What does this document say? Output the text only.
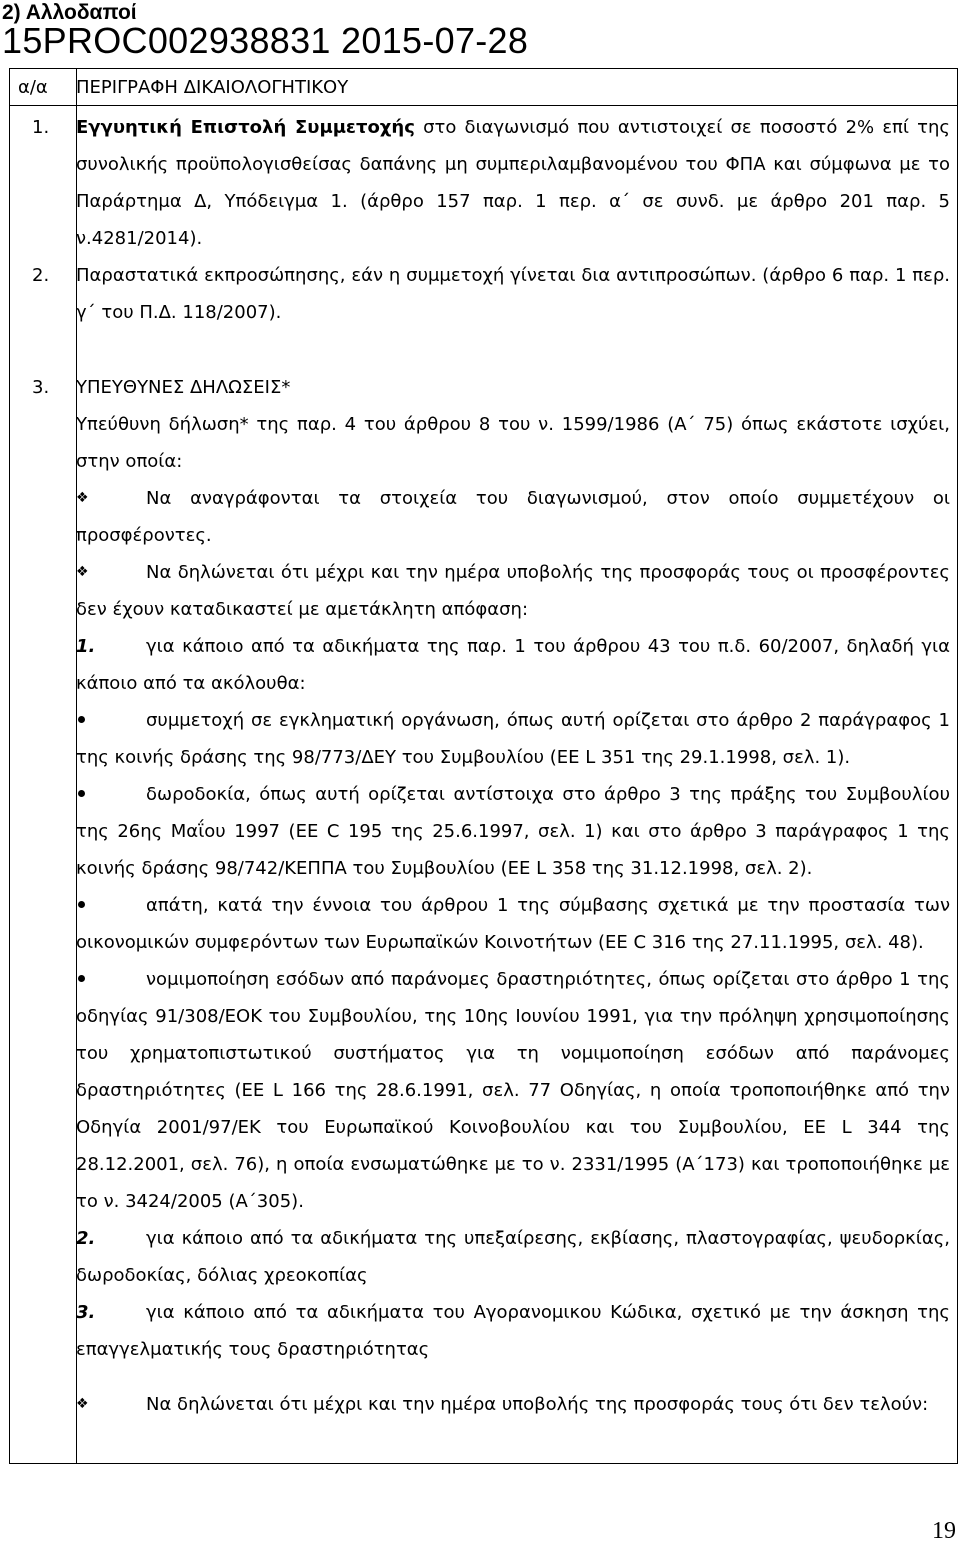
2) Αλλοδαποί
15PROC002938831 2015-07-28
α/α ΠΕΡΙΓΡΑΦΗ ΔΙΚΑΙΟΛΟΓΗΤΙΚΟΥ
1. Εγγυητική Επιστολή Συμμετοχής στο διαγωνισμό που αντιστοιχεί σε ποσοστό 2% επί της συνολικής προϋπολογισθείσας δαπάνης μη συμπεριλαμβανομένου του ΦΠΑ και σύμφωνα με το Παράρτημα Δ, Υπόδειγμα 1. (άρθρο 157 παρ. 1 περ. α΄ σε συνδ. με άρθρο 201 παρ. 5 ν.4281/2014).

2. Παραστατικά εκπροσώπησης, εάν η συμμετοχή γίνεται δια αντιπροσώπων. (άρθρο 6 παρ. 1 περ. γ΄ του Π.Δ. 118/2007).

3. ΥΠΕΥΘΥΝΕΣ ΔΗΛΩΣΕΙΣ*

Υπεύθυνη δήλωση* της παρ. 4 του άρθρου 8 του ν. 1599/1986 (Α΄ 75) όπως εκάστοτε ισχύει, στην οποία:

❖	Να αναγράφονται τα στοιχεία του διαγωνισμού, στον οποίο συμμετέχουν οι

προσφέροντες.

❖	Να δηλώνεται ότι μέχρι και την ημέρα υποβολής της προσφοράς τους οι προσφέροντες δεν έχουν καταδικαστεί με αμετάκλητη απόφαση:

1.	για κάποιο από τα αδικήματα της παρ. 1 του άρθρου 43 του π.δ. 60/2007, δηλαδή για κάποιο από τα ακόλουθα:

συμμετοχή σε εγκληματική οργάνωση, όπως αυτή ορίζεται στο άρθρο 2 παράγραφος 1 της κοινής δράσης της 98/773/ΔΕΥ του Συμβουλίου (ΕΕ L 351 της 29.1.1998, σελ. 1).

δωροδοκία, όπως αυτή ορίζεται αντίστοιχα στο άρθρο 3 της πράξης του Συμβουλίου της 26ης Μαΐου 1997 (ΕΕ C 195 της 25.6.1997, σελ. 1) και στο άρθρο 3 παράγραφος 1 της κοινής δράσης 98/742/ΚΕΠΠΑ του Συμβουλίου (ΕΕ L 358 της 31.12.1998, σελ. 2).

απάτη, κατά την έννοια του άρθρου 1 της σύμβασης σχετικά με την προστασία των οικονομικών συμφερόντων των Ευρωπαϊκών Κοινοτήτων (ΕΕ C 316 της 27.11.1995, σελ. 48).

νομιμοποίηση εσόδων από παράνομες δραστηριότητες, όπως ορίζεται στο άρθρο 1 της οδηγίας 91/308/ΕΟΚ του Συμβουλίου, της 10ης Ιουνίου 1991, για την πρόληψη χρησιμοποίησης του χρηματοπιστωτικού συστήματος για τη νομιμοποίηση εσόδων από παράνομες δραστηριότητες (ΕΕ L 166 της 28.6.1991, σελ. 77 Οδηγίας, η οποία τροποποιήθηκε από την Οδηγία 2001/97/ΕΚ του Ευρωπαϊκού Κοινοβουλίου και του Συμβουλίου, ΕΕ L 344 της 28.12.2001, σελ. 76), η οποία ενσωματώθηκε με το ν. 2331/1995 (Α΄173) και τροποποιήθηκε με το ν. 3424/2005 (Α΄305).

2.	για κάποιο από τα αδικήματα της υπεξαίρεσης, εκβίασης, πλαστογραφίας, ψευδορκίας, δωροδοκίας, δόλιας χρεοκοπίας

3.	για κάποιο από τα αδικήματα του Αγορανομικου Κώδικα, σχετικό με την άσκηση της επαγγελματικής τους δραστηριότητας

❖	Να δηλώνεται ότι μέχρι και την ημέρα υποβολής της προσφοράς τους ότι δεν τελούν:

19
